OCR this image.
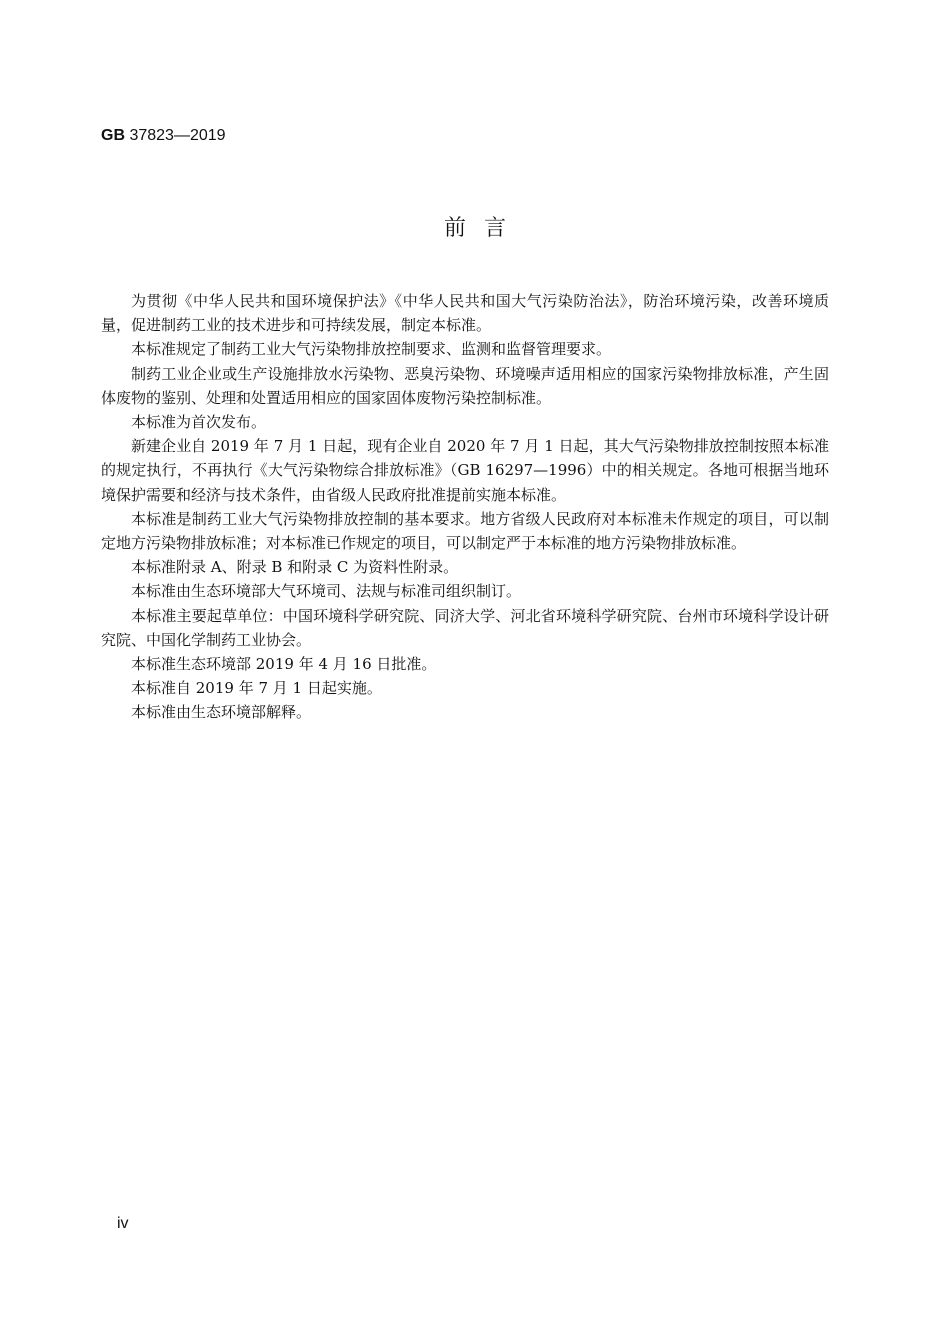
GB 37823—2019
前言

为贯彻《中华人民共和国环境保护法》《中华人民共和国大气污染防治法》，防治环境污染，改善环境质量，促进制药工业的技术进步和可持续发展，制定本标准。

本标准规定了制药工业大气污染物排放控制要求、监测和监督管理要求。

制药工业企业或生产设施排放水污染物、恶臭污染物、环境噪声适用相应的国家污染物排放标准，产生固体废物的鉴别、处理和处置适用相应的国家固体废物污染控制标准。

本标准为首次发布。

新建企业自 2019 年 7 月 1 日起，现有企业自 2020 年 7 月 1 日起，其大气污染物排放控制按照本标准的规定执行，不再执行《大气污染物综合排放标准》（GB 16297—1996）中的相关规定。各地可根据当地环境保护需要和经济与技术条件，由省级人民政府批准提前实施本标准。

本标准是制药工业大气污染物排放控制的基本要求。地方省级人民政府对本标准未作规定的项目，可以制定地方污染物排放标准；对本标准已作规定的项目，可以制定严于本标准的地方污染物排放标准。

本标准附录 A、附录 B 和附录 C 为资料性附录。

本标准由生态环境部大气环境司、法规与标准司组织制订。

本标准主要起草单位：中国环境科学研究院、同济大学、河北省环境科学研究院、台州市环境科学设计研究院、中国化学制药工业协会。

本标准生态环境部 2019 年 4 月 16 日批准。

本标准自 2019 年 7 月 1 日起实施。

本标准由生态环境部解释。

iv
